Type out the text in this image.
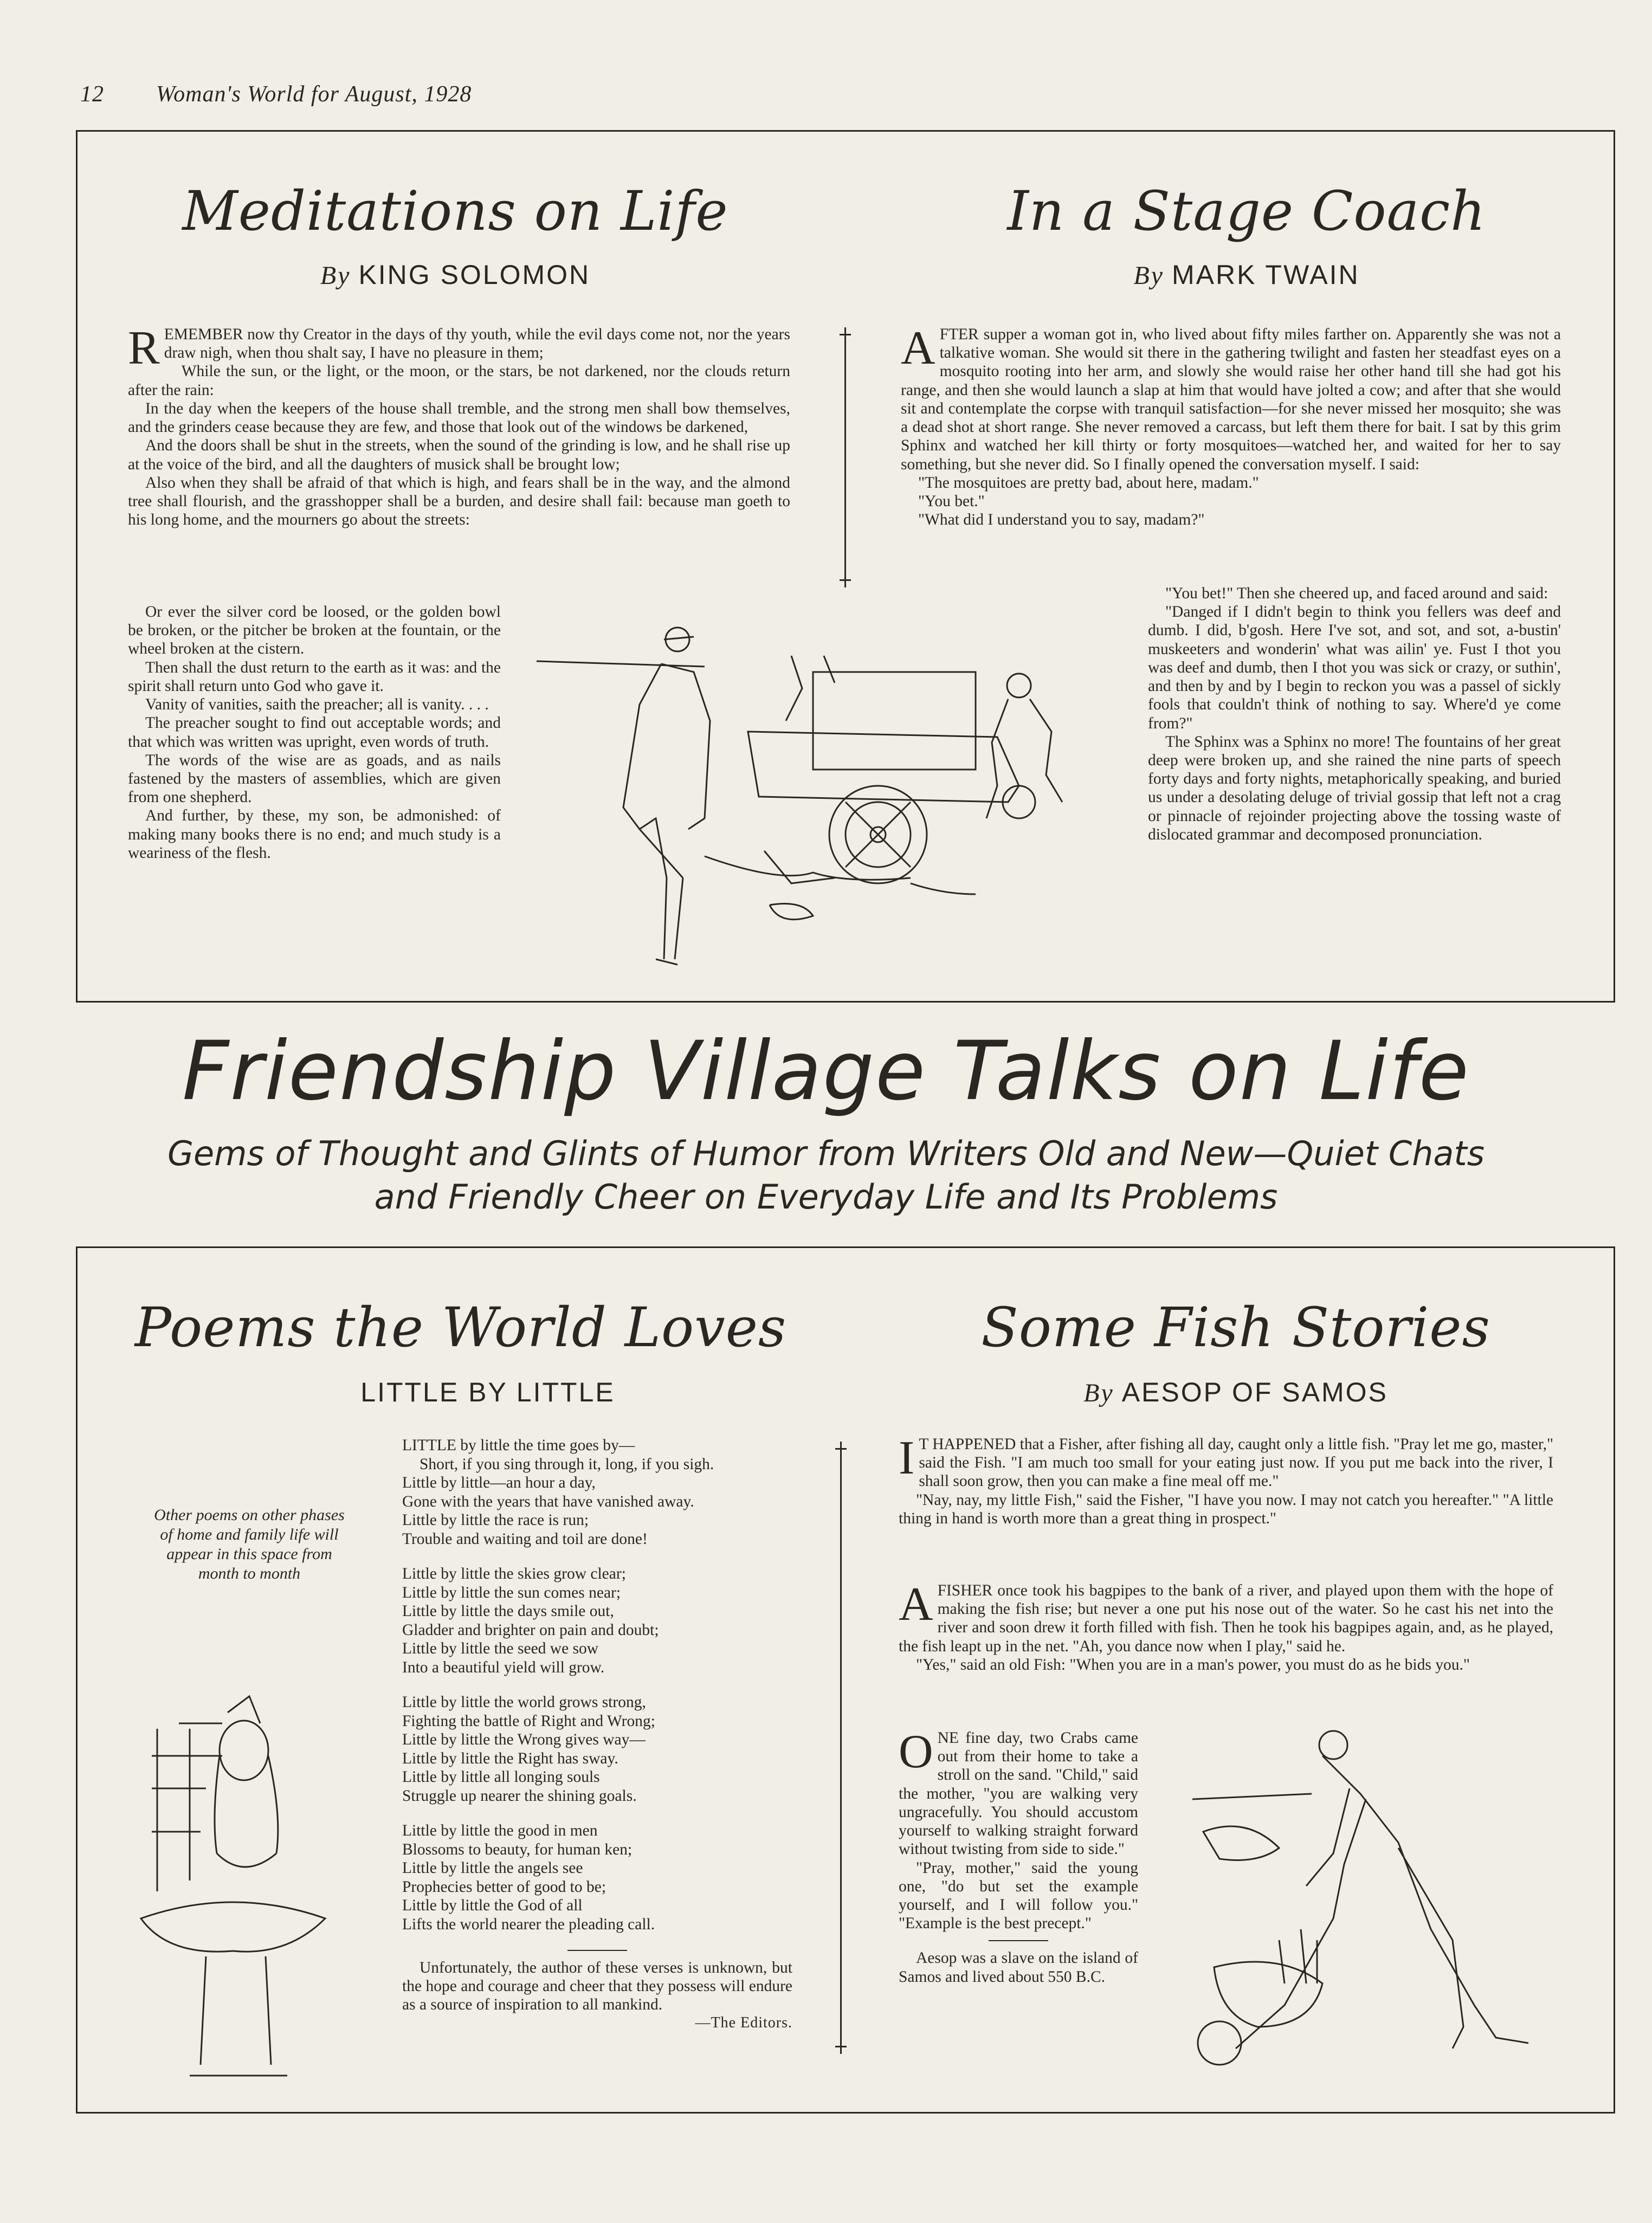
12 Woman's World for August, 1928
Meditations on Life
By KING SOLOMON

REMEMBER now thy Creator in the days of thy youth, while the evil days come not, nor the years draw nigh, when thou shalt say, I have no pleasure in them;

While the sun, or the light, or the moon, or the stars, be not darkened, nor the clouds return after the rain:

In the day when the keepers of the house shall tremble, and the strong men shall bow themselves, and the grinders cease because they are few, and those that look out of the windows be darkened,

And the doors shall be shut in the streets, when the sound of the grinding is low, and he shall rise up at the voice of the bird, and all the daughters of musick shall be brought low;

Also when they shall be afraid of that which is high, and fears shall be in the way, and the almond tree shall flourish, and the grasshopper shall be a burden, and desire shall fail: because man goeth to his long home, and the mourners go about the streets:

Or ever the silver cord be loosed, or the golden bowl be broken, or the pitcher be broken at the fountain, or the wheel broken at the cistern.

Then shall the dust return to the earth as it was: and the spirit shall return unto God who gave it.

Vanity of vanities, saith the preacher; all is vanity. . . .

The preacher sought to find out acceptable words; and that which was written was upright, even words of truth.

The words of the wise are as goads, and as nails fastened by the masters of assemblies, which are given from one shepherd.

And further, by these, my son, be admonished: of making many books there is no end; and much study is a weariness of the flesh.

In a Stage Coach
By MARK TWAIN

AFTER supper a woman got in, who lived about fifty miles farther on. Apparently she was not a talkative woman. She would sit there in the gathering twilight and fasten her steadfast eyes on a mosquito rooting into her arm, and slowly she would raise her other hand till she had got his range, and then she would launch a slap at him that would have jolted a cow; and after that she would sit and contemplate the corpse with tranquil satisfaction—for she never missed her mosquito; she was a dead shot at short range. She never removed a carcass, but left them there for bait. I sat by this grim Sphinx and watched her kill thirty or forty mosquitoes—watched her, and waited for her to say something, but she never did. So I finally opened the conversation myself. I said:

"The mosquitoes are pretty bad, about here, madam."

"You bet."

"What did I understand you to say, madam?"

"You bet!" Then she cheered up, and faced around and said:

"Danged if I didn't begin to think you fellers was deef and dumb. I did, b'gosh. Here I've sot, and sot, and sot, a-bustin' muskeeters and wonderin' what was ailin' ye. Fust I thot you was deef and dumb, then I thot you was sick or crazy, or suthin', and then by and by I begin to reckon you was a passel of sickly fools that couldn't think of nothing to say. Where'd ye come from?"

The Sphinx was a Sphinx no more! The fountains of her great deep were broken up, and she rained the nine parts of speech forty days and forty nights, metaphorically speaking, and buried us under a desolating deluge of trivial gossip that left not a crag or pinnacle of rejoinder projecting above the tossing waste of dislocated grammar and decomposed pronunciation.

Friendship Village Talks on Life
Gems of Thought and Glints of Humor from Writers Old and New—Quiet Chats
and Friendly Cheer on Everyday Life and Its Problems
Poems the World Loves
LITTLE BY LITTLE
Other poems on other phases of home and family life will appear in this space from month to month
LITTLE by little the time goes by—
Short, if you sing through it, long, if you sigh.
Little by little—an hour a day,
Gone with the years that have vanished away.
Little by little the race is run;
Trouble and waiting and toil are done!
Little by little the skies grow clear;
Little by little the sun comes near;
Little by little the days smile out,
Gladder and brighter on pain and doubt;
Little by little the seed we sow
Into a beautiful yield will grow.
Little by little the world grows strong,
Fighting the battle of Right and Wrong;
Little by little the Wrong gives way—
Little by little the Right has sway.
Little by little all longing souls
Struggle up nearer the shining goals.
Little by little the good in men
Blossoms to beauty, for human ken;
Little by little the angels see
Prophecies better of good to be;
Little by little the God of all
Lifts the world nearer the pleading call.

Unfortunately, the author of these verses is unknown, but the hope and courage and cheer that they possess will endure as a source of inspiration to all mankind.

—The Editors.
Some Fish Stories
By AESOP OF SAMOS

IT HAPPENED that a Fisher, after fishing all day, caught only a little fish. "Pray let me go, master," said the Fish. "I am much too small for your eating just now. If you put me back into the river, I shall soon grow, then you can make a fine meal off me."

"Nay, nay, my little Fish," said the Fisher, "I have you now. I may not catch you hereafter." "A little thing in hand is worth more than a great thing in prospect."

AFISHER once took his bagpipes to the bank of a river, and played upon them with the hope of making the fish rise; but never a one put his nose out of the water. So he cast his net into the river and soon drew it forth filled with fish. Then he took his bagpipes again, and, as he played, the fish leapt up in the net. "Ah, you dance now when I play," said he.

"Yes," said an old Fish: "When you are in a man's power, you must do as he bids you."

ONE fine day, two Crabs came out from their home to take a stroll on the sand. "Child," said the mother, "you are walking very ungracefully. You should accustom yourself to walking straight forward without twisting from side to side."

"Pray, mother," said the young one, "do but set the example yourself, and I will follow you." "Example is the best precept."

Aesop was a slave on the island of Samos and lived about 550 B.C.
